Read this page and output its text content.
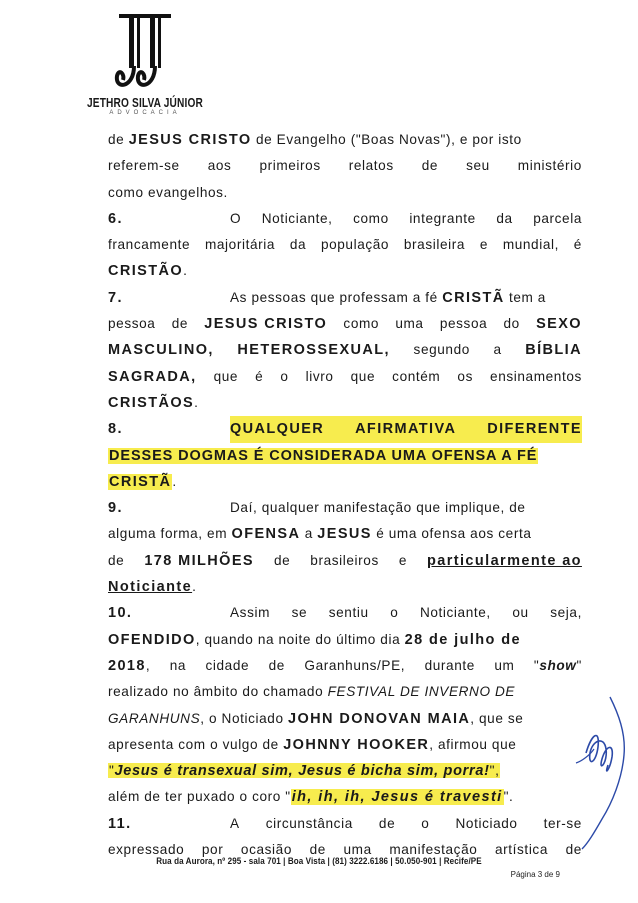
JETHRO SILVA JÚNIOR
ADVOCACIA
de JESUS CRISTO de Evangelho ("Boas Novas"), e por isto
referem-se aos primeiros relatos de seu ministério
como evangelhos.
6.	O Noticiante, como integrante da parcela
francamente majoritária da população brasileira e mundial, é
CRISTÃO.
7.	As pessoas que professam a fé CRISTÃ tem a
pessoa de JESUS CRISTO como uma pessoa do SEXO
MASCULINO, HETEROSSEXUAL, segundo a BÍBLIA
SAGRADA, que é o livro que contém os ensinamentos
CRISTÃOS.
8.	QUALQUER AFIRMATIVA DIFERENTE
DESSES DOGMAS É CONSIDERADA UMA OFENSA A FÉ
CRISTÃ.
9.	Daí, qualquer manifestação que implique, de
alguma forma, em OFENSA a JESUS é uma ofensa aos certa
de 178 MILHÕES de brasileiros e particularmente ao
Noticiante.
10.	Assim se sentiu o Noticiante, ou seja,
OFENDIDO, quando na noite do último dia 28 de julho de
2018, na cidade de Garanhuns/PE, durante um "show"
realizado no âmbito do chamado FESTIVAL DE INVERNO DE
GARANHUNS, o Noticiado JOHN DONOVAN MAIA, que se
apresenta com o vulgo de JOHNNY HOOKER, afirmou que
"Jesus é transexual sim, Jesus é bicha sim, porra!",
além de ter puxado o coro "ih, ih, ih, Jesus é travesti".
11.	A circunstância de o Noticiado ter-se
expressado por ocasião de uma manifestação artística de
Rua da Aurora, nº 295 - sala 701 | Boa Vista | (81) 3222.6186 | 50.050-901 | Recife/PE
Página 3 de 9
